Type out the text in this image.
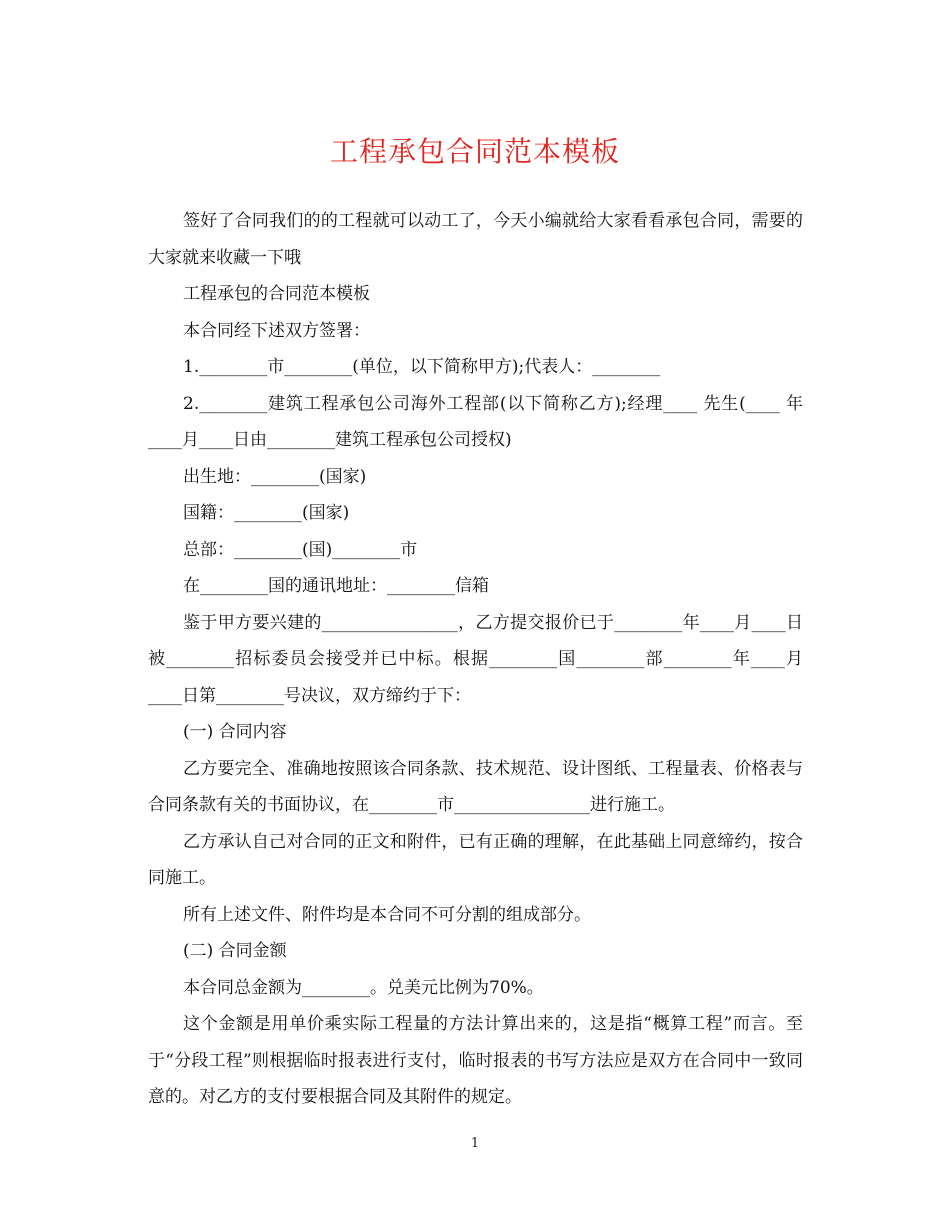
工程承包合同范本模板

签好了合同我们的的工程就可以动工了，今天小编就给大家看看承包合同，需要的大家就来收藏一下哦

工程承包的合同范本模板

本合同经下述双方签署：

1.________市________(单位，以下简称甲方);代表人：________

2.________建筑工程承包公司海外工程部(以下简称乙方);经理____ 先生(____ 年____月____日由________建筑工程承包公司授权)

出生地：________(国家)

国籍：________(国家)

总部：________(国)________市

在________国的通讯地址：________信箱

鉴于甲方要兴建的________________，乙方提交报价已于________年____月____日被________招标委员会接受并已中标。根据________国________部________年____月____日第________号决议，双方缔约于下：

(一) 合同内容

乙方要完全、准确地按照该合同条款、技术规范、设计图纸、工程量表、价格表与合同条款有关的书面协议，在________市________________进行施工。

乙方承认自己对合同的正文和附件，已有正确的理解，在此基础上同意缔约，按合同施工。

所有上述文件、附件均是本合同不可分割的组成部分。

(二) 合同金额

本合同总金额为________。兑美元比例为70%。

这个金额是用单价乘实际工程量的方法计算出来的，这是指“概算工程”而言。至于“分段工程”则根据临时报表进行支付，临时报表的书写方法应是双方在合同中一致同意的。对乙方的支付要根据合同及其附件的规定。

1
